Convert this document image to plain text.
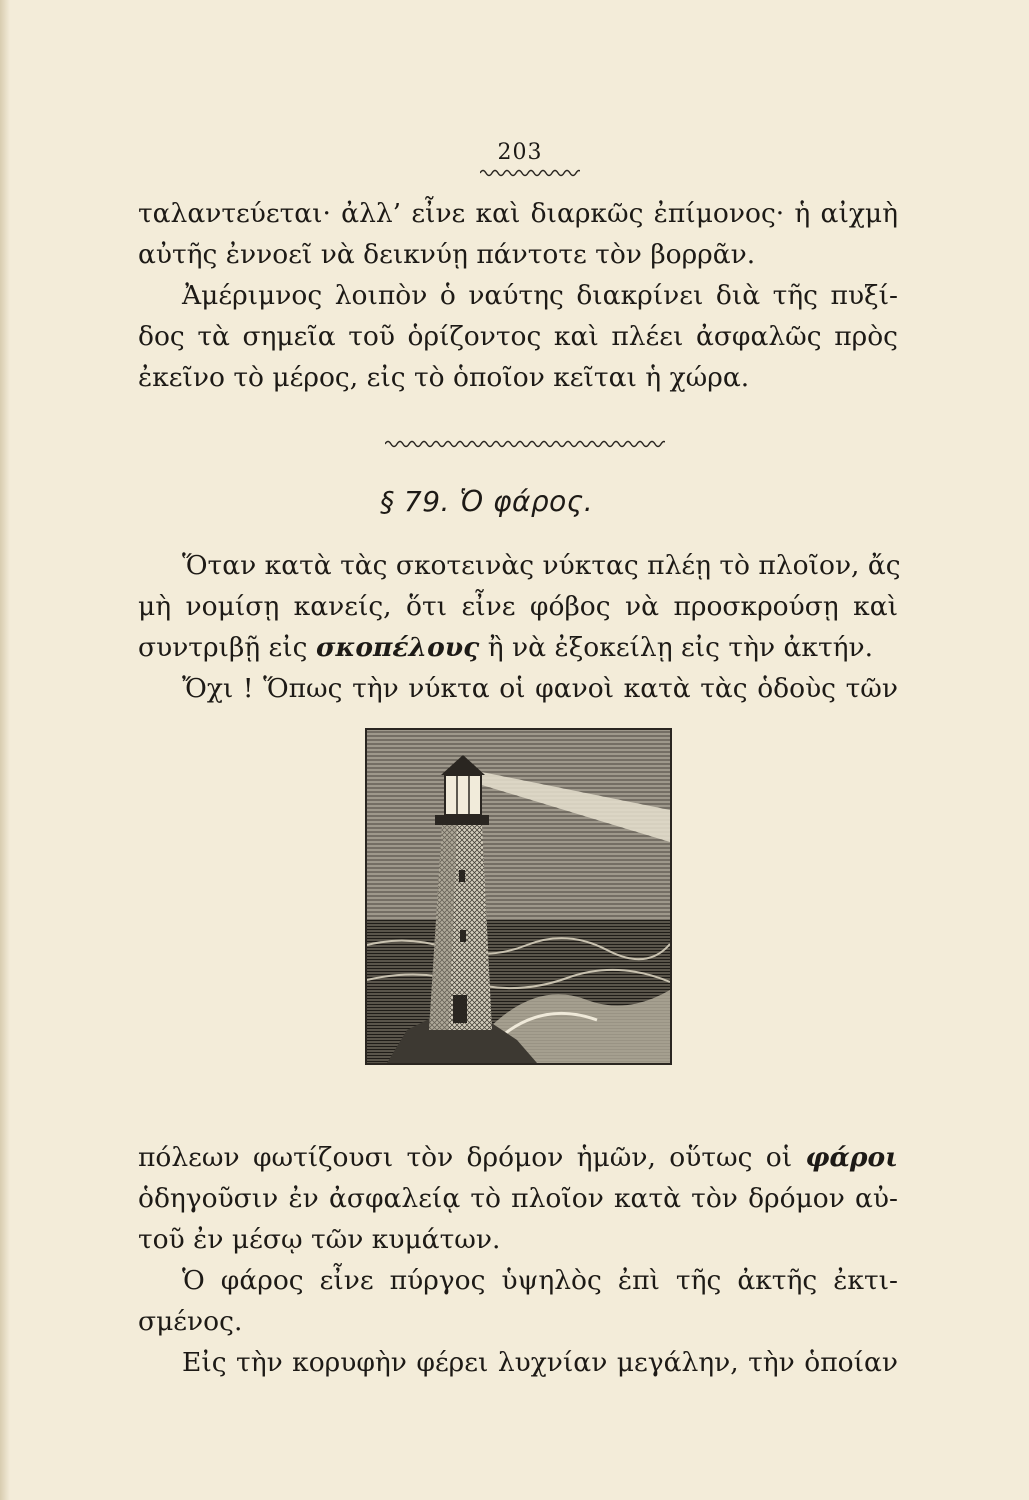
203
ταλαντεύεται· ἀλλ’ εἶνε καὶ διαρκῶς ἐπίμονος· ἡ αἰχμὴ
αὐτῆς ἐννοεῖ νὰ δεικνύῃ πάντοτε τὸν βορρᾶν.
Ἀμέριμνος λοιπὸν ὁ ναύτης διακρίνει διὰ τῆς πυξί-
δος τὰ σημεῖα τοῦ ὁρίζοντος καὶ πλέει ἀσφαλῶς πρὸς
ἐκεῖνο τὸ μέρος, εἰς τὸ ὁποῖον κεῖται ἡ χώρα.
§ 79. Ὁ φάρος.
Ὅταν κατὰ τὰς σκοτεινὰς νύκτας πλέῃ τὸ πλοῖον, ἄς
μὴ νομίσῃ κανείς, ὅτι εἶνε φόβος νὰ προσκρούσῃ καὶ
συντριβῇ εἰς σκοπέλους ἢ νὰ ἐξοκείλῃ εἰς τὴν ἀκτήν.
Ὄχι ! Ὅπως τὴν νύκτα οἱ φανοὶ κατὰ τὰς ὁδοὺς τῶν
πόλεων φωτίζουσι τὸν δρόμον ἡμῶν, οὕτως οἱ φάροι
ὁδηγοῦσιν ἐν ἀσφαλείᾳ τὸ πλοῖον κατὰ τὸν δρόμον αὐ-
τοῦ ἐν μέσῳ τῶν κυμάτων.
Ὁ φάρος εἶνε πύργος ὑψηλὸς ἐπὶ τῆς ἀκτῆς ἐκτι-
σμένος.
Εἰς τὴν κορυφὴν φέρει λυχνίαν μεγάλην, τὴν ὁποίαν
